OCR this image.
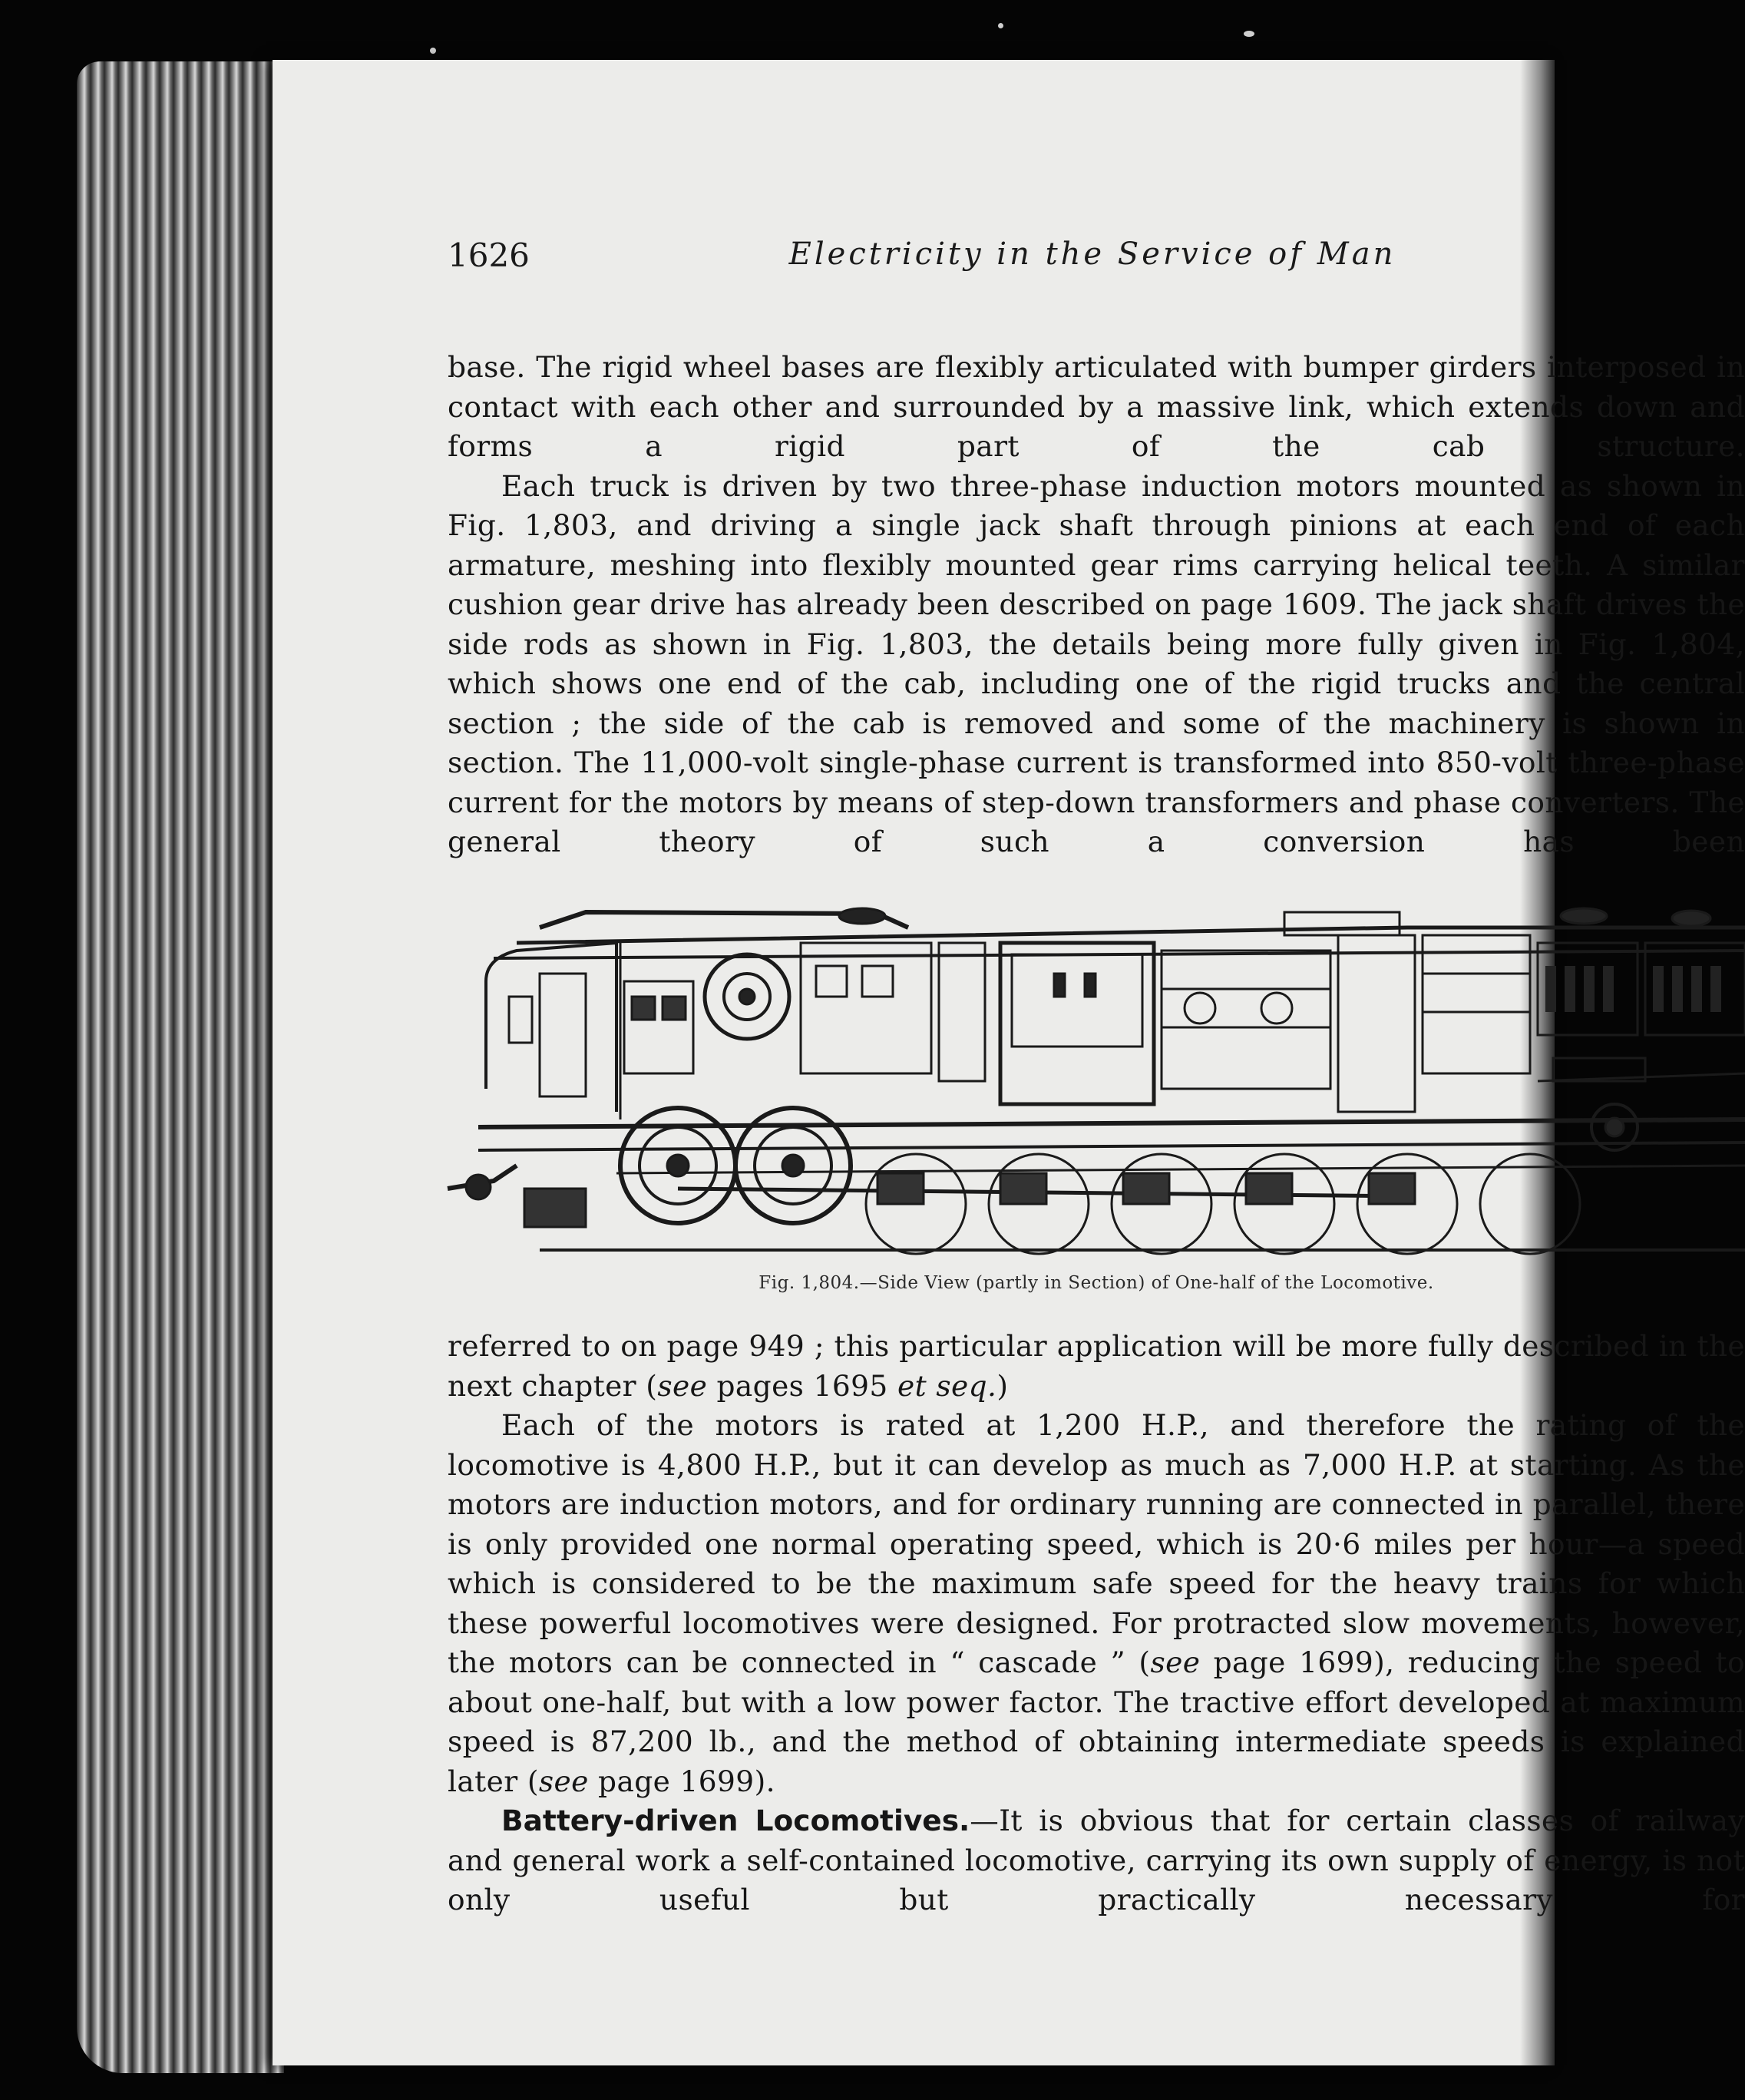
1626	Electricity in the Service of Man

base. The rigid wheel bases are flexibly articulated with bumper girders interposed in contact with each other and surrounded by a massive link, which extends down and forms a rigid part of the cab structure.

Each truck is driven by two three-phase induction motors mounted as shown in Fig. 1,803, and driving a single jack shaft through pinions at each end of each armature, meshing into flexibly mounted gear rims carrying helical teeth. A similar cushion gear drive has already been described on page 1609. The jack shaft drives the side rods as shown in Fig. 1,803, the details being more fully given in Fig. 1,804, which shows one end of the cab, including one of the rigid trucks and the central section ; the side of the cab is removed and some of the machinery is shown in section. The 11,000-volt single-phase current is transformed into 850-volt three-phase current for the motors by means of step-down transformers and phase converters. The general theory of such a conversion has been

Fig. 1,804.—Side View (partly in Section) of One-half of the Locomotive.

referred to on page 949 ; this particular application will be more fully described in the next chapter (see pages 1695 et seq.)

Each of the motors is rated at 1,200 H.P., and therefore the rating of the locomotive is 4,800 H.P., but it can develop as much as 7,000 H.P. at starting. As the motors are induction motors, and for ordinary running are connected in parallel, there is only provided one normal operating speed, which is 20·6 miles per hour—a speed which is considered to be the maximum safe speed for the heavy trains for which these powerful locomotives were designed. For protracted slow movements, however, the motors can be connected in “ cascade ” (see page 1699), reducing the speed to about one-half, but with a low power factor. The tractive effort developed at maximum speed is 87,200 lb., and the method of obtaining intermediate speeds is explained later (see page 1699).

Battery-driven Locomotives.—It is obvious that for certain classes of railway and general work a self-contained locomotive, carrying its own supply of energy, is not only useful but practically necessary for
